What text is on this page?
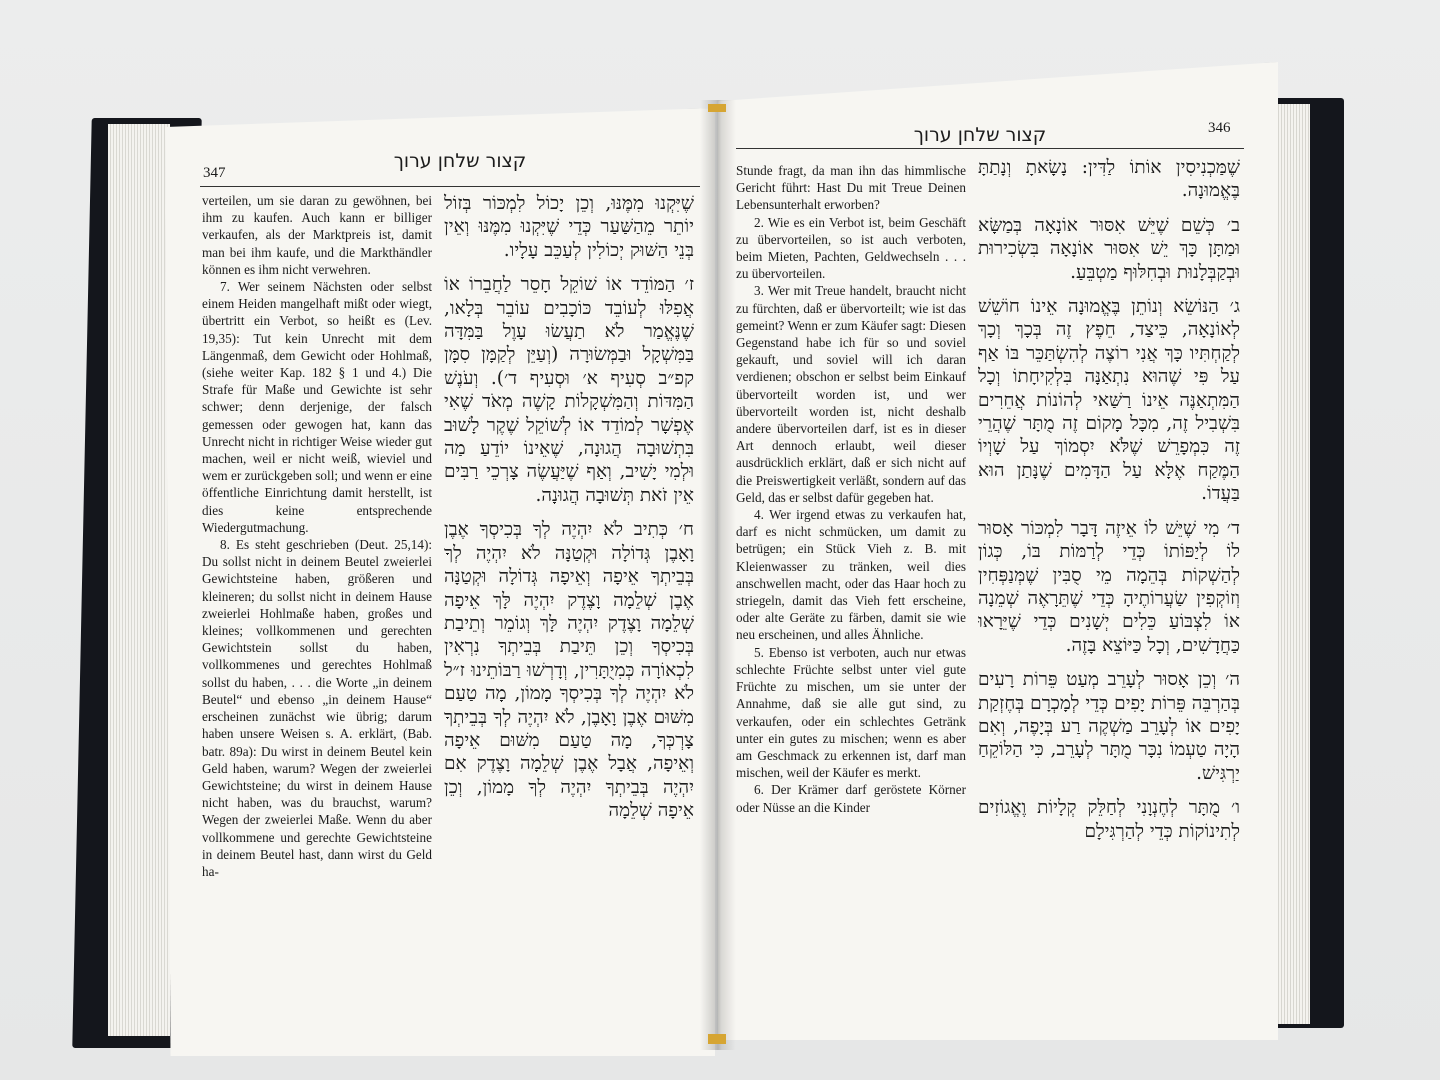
347
קצור שלחן ערוך

verteilen, um sie daran zu gewöhnen, bei ihm zu kaufen. Auch kann er billiger verkaufen, als der Marktpreis ist, damit man bei ihm kaufe, und die Markthändler können es ihm nicht verwehren.

7. Wer seinem Nächsten oder selbst einem Heiden mangelhaft mißt oder wiegt, übertritt ein Verbot, so heißt es (Lev. 19,35): Tut kein Unrecht mit dem Längenmaß, dem Gewicht oder Hohlmaß, (siehe weiter Kap. 182 § 1 und 4.) Die Strafe für Maße und Gewichte ist sehr schwer; denn derjenige, der falsch gemessen oder gewogen hat, kann das Unrecht nicht in richtiger Weise wieder gut machen, weil er nicht weiß, wieviel und wem er zurückgeben soll; und wenn er eine öffentliche Einrichtung damit herstellt, ist dies keine entsprechende Wiedergutmachung.

8. Es steht geschrieben (Deut. 25,14): Du sollst nicht in deinem Beutel zweierlei Gewichtsteine haben, größeren und kleineren; du sollst nicht in deinem Hause zweierlei Hohlmaße haben, großes und kleines; vollkommenen und gerechten Gewichtstein sollst du haben, vollkommenes und gerechtes Hohlmaß sollst du haben, . . . die Worte „in deinem Beutel“ und ebenso „in deinem Hause“ erscheinen zunächst wie übrig; darum haben unsere Weisen s. A. erklärt, (Bab. batr. 89a): Du wirst in deinem Beutel kein Geld haben, warum? Wegen der zweierlei Gewichtsteine; du wirst in deinem Hause nicht haben, was du brauchst, warum? Wegen der zweierlei Maße. Wenn du aber vollkommene und gerechte Gewichtsteine in deinem Beutel hast, dann wirst du Geld ha-

שֶׁיִּקְנוּ מִמֶּנּוּ, וְכֵן יָכוֹל לִמְכּוֹר בְּזוֹל יוֹתֵר מֵהַשַּׁעַר כְּדֵי שֶׁיִּקְנוּ מִמֶּנּוּ וְאֵין בְּנֵי הַשּׁוּק יְכוֹלִין לְעַכֵּב עָלָיו.

ז׳ הַמּוֹדֵד אוֹ שׁוֹקֵל חָסֵר לַחֲבֵרוֹ אוֹ אֲפִלּוּ לְעוֹבֵד כּוֹכָבִים עוֹבֵר בְּלָאו, שֶׁנֶּאֱמַר לֹא תַעֲשׂוּ עָוֶל בַּמִּדָּה בַּמִּשְׁקָל וּבַמְּשׂוּרָה (וְעַיֵּן לְקַמָּן סִמָּן קפ״ב סְעִיף א׳ וּסְעִיף ד׳). וְעֹנֶשׁ הַמִּדּוֹת וְהַמִּשְׁקָלוֹת קָשֶׁה מְאֹד שֶׁאִי אֶפְשָׁר לְמוֹדֵד אוֹ לְשׁוֹקֵל שֶׁקֶר לָשׁוּב בִּתְשׁוּבָה הֲגוּנָה, שֶׁאֵינוֹ יוֹדֵעַ מַה וּלְמִי יָשִׁיב, וְאַף שֶׁיַּעֲשֶׂה צָרְכֵי רַבִּים אֵין זֹאת תְּשׁוּבָה הֲגוּנָה.

ח׳ כְּתִיב לֹא יִהְיֶה לְךָ בְּכִיסְךָ אֶבֶן וָאָבֶן גְּדוֹלָה וּקְטַנָּה לֹא יִהְיֶה לְךָ בְּבֵיתְךָ אֵיפָה וְאֵיפָה גְּדוֹלָה וּקְטַנָּה אֶבֶן שְׁלֵמָה וָצֶדֶק יִהְיֶה לָּךְ אֵיפָה שְׁלֵמָה וָצֶדֶק יִהְיֶה לָּךְ וְגוֹמֵר וְתֵיבַת בְּכִיסְךָ וְכֵן תֵּיבַת בְּבֵיתְךָ נִרְאִין לִכְאוֹרָה כְּמִיֻתָּרִין, וְדָרְשׁוּ רַבּוֹתֵינוּ ז״ל לֹא יִהְיֶה לְךָ בְּכִיסְךָ מָמוֹן, מָה טַעַם מִשּׁוּם אֶבֶן וָאָבֶן, לֹא יִהְיֶה לְךָ בְּבֵיתְךָ צָרְכְּךָ, מָה טַעַם מִשּׁוּם אֵיפָה וְאֵיפָה, אֲבָל אֶבֶן שְׁלֵמָה וָצֶדֶק אִם יִהְיֶה בְּבֵיתְךָ יִהְיֶה לְךָ מָמוֹן, וְכֵן אֵיפָה שְׁלֵמָה

קצור שלחן ערוך	346

Stunde fragt, da man ihn das himmlische Gericht führt: Hast Du mit Treue Deinen Lebensunterhalt erworben?

2. Wie es ein Verbot ist, beim Geschäft zu übervorteilen, so ist auch verboten, beim Mieten, Pachten, Geldwechseln . . . zu übervorteilen.

3. Wer mit Treue handelt, braucht nicht zu fürchten, daß er übervorteilt; wie ist das gemeint? Wenn er zum Käufer sagt: Diesen Gegenstand habe ich für so und soviel gekauft, und soviel will ich daran verdienen; obschon er selbst beim Einkauf übervorteilt worden ist, und wer übervorteilt worden ist, nicht deshalb andere übervorteilen darf, ist es in dieser Art dennoch erlaubt, weil dieser ausdrücklich erklärt, daß er sich nicht auf die Preiswertigkeit verläßt, sondern auf das Geld, das er selbst dafür gegeben hat.

4. Wer irgend etwas zu verkaufen hat, darf es nicht schmücken, um damit zu betrügen; ein Stück Vieh z. B. mit Kleienwasser zu tränken, weil dies anschwellen macht, oder das Haar hoch zu striegeln, damit das Vieh fett erscheine, oder alte Geräte zu färben, damit sie wie neu erscheinen, und alles Ähnliche.

5. Ebenso ist verboten, auch nur etwas schlechte Früchte selbst unter viel gute Früchte zu mischen, um sie unter der Annahme, daß sie alle gut sind, zu verkaufen, oder ein schlechtes Getränk unter ein gutes zu mischen; wenn es aber am Geschmack zu erkennen ist, darf man mischen, weil der Käufer es merkt.

6. Der Krämer darf geröstete Körner oder Nüsse an die Kinder

שֶׁמַּכְנִיסִין אוֹתוֹ לַדִּין: נָשָׂאתָ וְנָתַתָּ בֶּאֱמוּנָה.

ב׳ כְּשֵׁם שֶׁיֵּשׁ אִסּוּר אוֹנָאָה בְּמַשָּׂא וּמַתָּן כָּךְ יֵשׁ אִסּוּר אוֹנָאָה בִּשְׂכִירוּת וּבְקַבְּלָנוּת וּבְחִלּוּף מַטְבֵּעַ.

ג׳ הַנּוֹשֵׂא וְנוֹתֵן בֶּאֱמוּנָה אֵינוֹ חוֹשֵׁשׁ לְאוֹנָאָה, כֵּיצַד, חֵפֶץ זֶה בְּכָךְ וְכָךְ לְקַחְתִּיו כָּךְ אֲנִי רוֹצֶה לְהִשְׂתַּכֵּר בּוֹ אַף עַל פִּי שֶׁהוּא נִתְאַנָּה בִּלְקִיחָתוֹ וְכָל הַמִּתְאַנֶּה אֵינוֹ רַשַּׁאי לְהוֹנוֹת אֲחֵרִים בִּשְׁבִיל זֶה, מִכָּל מָקוֹם זֶה מֻתָּר שֶׁהֲרֵי זֶה כִּמְפָרֵשׁ שֶׁלֹּא יִסְמוֹךְ עַל שָׁוְיוֹ הַמֶּקַח אֶלָּא עַל הַדָּמִים שֶׁנָּתַן הוּא בַּעֲדוֹ.

ד׳ מִי שֶׁיֵּשׁ לוֹ אֵיזֶה דָּבָר לִמְכּוֹר אָסוּר לוֹ לְיַפּוֹתוֹ כְּדֵי לְרַמּוֹת בּוֹ, כְּגוֹן לְהַשְׁקוֹת בְּהֵמָה מֵי סֻבִּין שֶׁמְּנַפְּחִין וְזוֹקְפִין שַׂעֲרוֹתֶיהָ כְּדֵי שֶׁתֵּרָאֶה שְׁמֵנָה אוֹ לִצְבּוֹעַ כֵּלִים יְשָׁנִים כְּדֵי שֶׁיֵּרָאוּ כַּחֲדָשִׁים, וְכָל כַּיּוֹצֵא בָּזֶה.

ה׳ וְכֵן אָסוּר לְעָרֵב מְעַט פֵּרוֹת רָעִים בְּהַרְבֵּה פֵּרוֹת יָפִים כְּדֵי לְמָכְרָם בְּחֶזְקַת יָפִים אוֹ לְעָרֵב מַשְׁקֶה רַע בְּיָפֶה, וְאִם הָיָה טַעְמוֹ נִכָּר מֻתָּר לְעָרֵב, כִּי הַלּוֹקֵחַ יַרְגִּישׁ.

ו׳ מֻתָּר לְחֶנְוָנִי לְחַלֵּק קְלָיוֹת וֶאֱגוֹזִים לְתִינוֹקוֹת כְּדֵי לְהַרְגִּילָם
